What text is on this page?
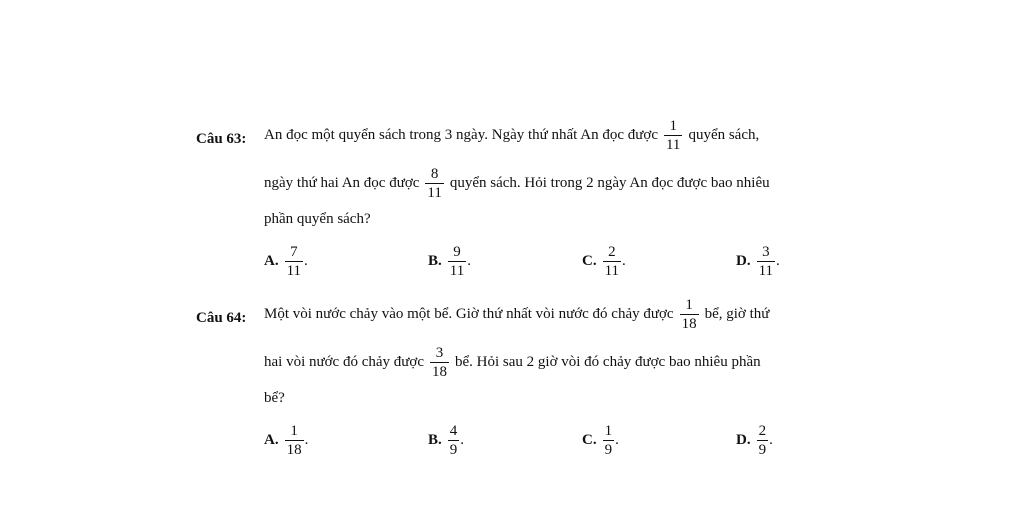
Câu 63: An đọc một quyển sách trong 3 ngày. Ngày thứ nhất An đọc được $\frac{1}{11}$ quyển sách,
ngày thứ hai An đọc được $\frac{8}{11}$ quyển sách. Hỏi trong 2 ngày An đọc được bao nhiêu
phần quyển sách?
A. $\frac{7}{11}$ .	B. $\frac{9}{11}$ .	C. $\frac{2}{11}$ .	D. $\frac{3}{11}$ .
Câu 64: Một vòi nước chảy vào một bể. Giờ thứ nhất vòi nước đó chảy được $\frac{1}{18}$ bể, giờ thứ
hai vòi nước đó chảy được $\frac{3}{18}$ bể. Hỏi sau 2 giờ vòi đó chảy được bao nhiêu phần
bể?
A. $\frac{1}{18}$ .	B. $\frac{4}{9}$ .	C. $\frac{1}{9}$ .	D. $\frac{2}{9}$ .
